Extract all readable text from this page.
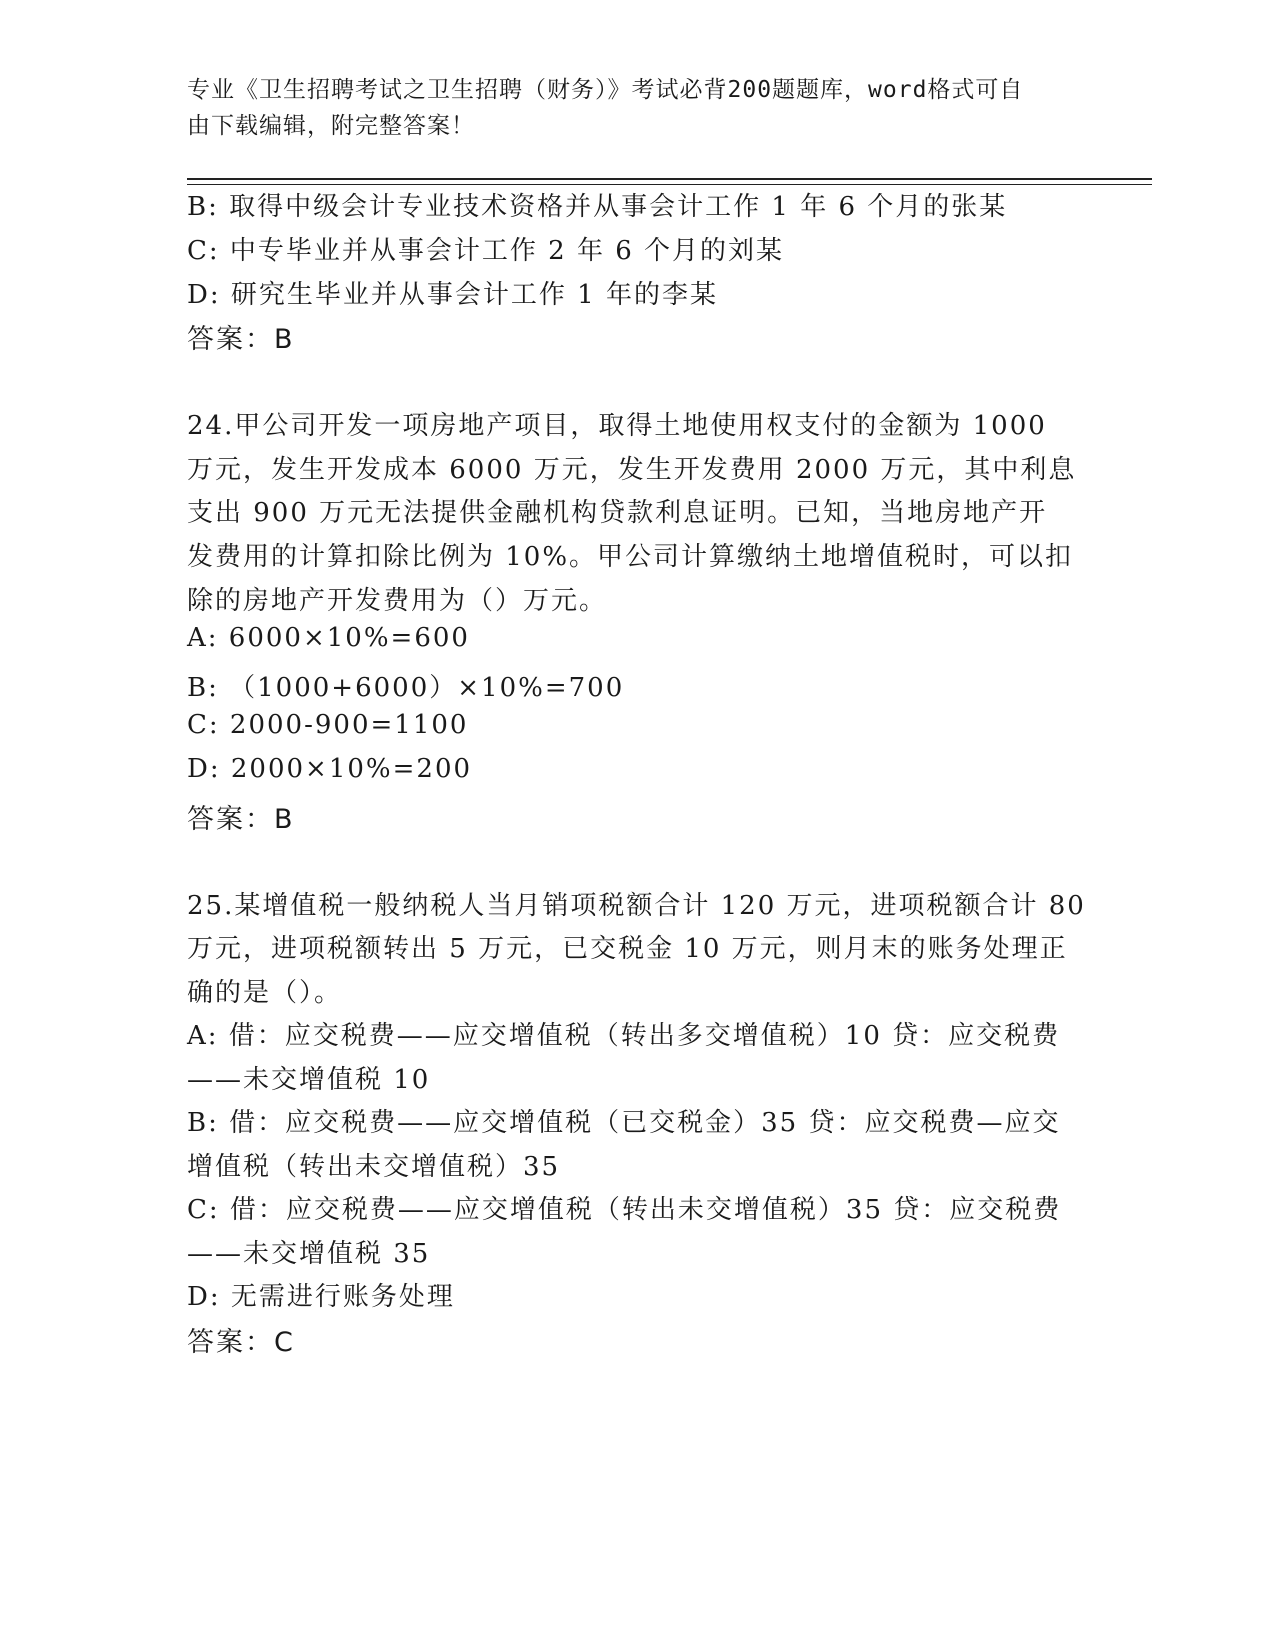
专业《卫生招聘考试之卫生招聘（财务）》考试必背200题题库，word格式可自
由下载编辑，附完整答案！
B: 取得中级会计专业技术资格并从事会计工作 1 年 6 个月的张某
C: 中专毕业并从事会计工作 2 年 6 个月的刘某
D: 研究生毕业并从事会计工作 1 年的李某
答案：B
24.甲公司开发一项房地产项目，取得土地使用权支付的金额为 1000
万元，发生开发成本 6000 万元，发生开发费用 2000 万元，其中利息
支出 900 万元无法提供金融机构贷款利息证明。已知，当地房地产开
发费用的计算扣除比例为 10%。甲公司计算缴纳土地增值税时，可以扣
除的房地产开发费用为（）万元。
A: 6000×10%=600
B: （1000+6000）×10%=700
C: 2000-900=1100
D: 2000×10%=200
答案：B
25.某增值税一般纳税人当月销项税额合计 120 万元，进项税额合计 80
万元，进项税额转出 5 万元，已交税金 10 万元，则月末的账务处理正
确的是（）。
A: 借：应交税费——应交增值税（转出多交增值税）10 贷：应交税费
——未交增值税 10
B: 借：应交税费——应交增值税（已交税金）35 贷：应交税费—应交
增值税（转出未交增值税）35
C: 借：应交税费——应交增值税（转出未交增值税）35 贷：应交税费
——未交增值税 35
D: 无需进行账务处理
答案：C
